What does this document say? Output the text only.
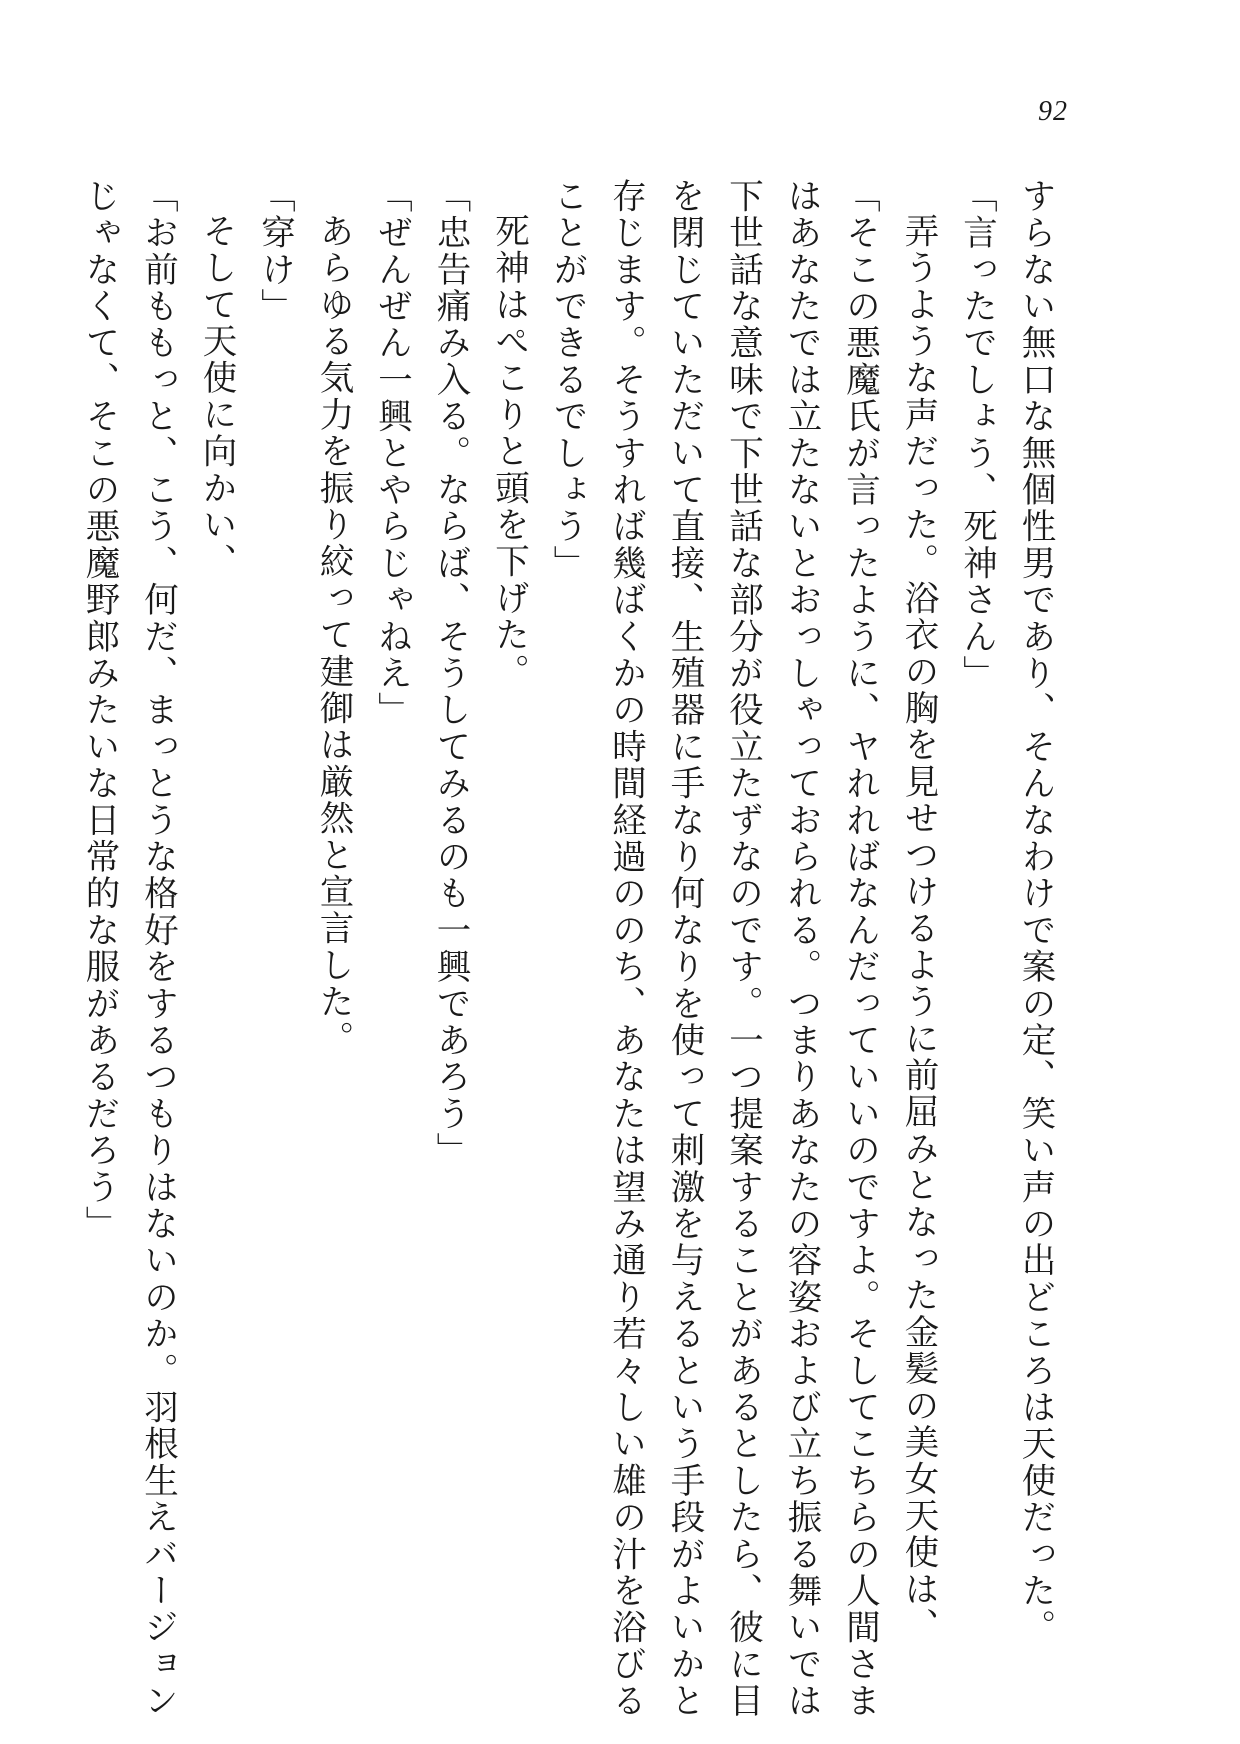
92

すらない無口な無個性男であり、そんなわけで案の定、笑い声の出どころは天使だった。

「言ったでしょう、死神さん」

弄うような声だった。浴衣の胸を見せつけるように前屈みとなった金髪の美女天使は、

「そこの悪魔氏が言ったように、ヤれればなんだっていいのですよ。そしてこちらの人間さま

はあなたでは立たないとおっしゃっておられる。つまりあなたの容姿および立ち振る舞いでは

下世話な意味で下世話な部分が役立たずなのです。一つ提案することがあるとしたら、彼に目

を閉じていただいて直接、生殖器に手なり何なりを使って刺激を与えるという手段がよいかと

存じます。そうすれば幾ばくかの時間経過ののち、あなたは望み通り若々しい雄の汁を浴びる

ことができるでしょう」

死神はぺこりと頭を下げた。

「忠告痛み入る。ならば、そうしてみるのも一興であろう」

「ぜんぜん一興とやらじゃねえ」

あらゆる気力を振り絞って建御は厳然と宣言した。

「穿け」

そして天使に向かい、

「お前ももっと、こう、何だ、まっとうな格好をするつもりはないのか。羽根生えバージョン

じゃなくて、そこの悪魔野郎みたいな日常的な服があるだろう」
